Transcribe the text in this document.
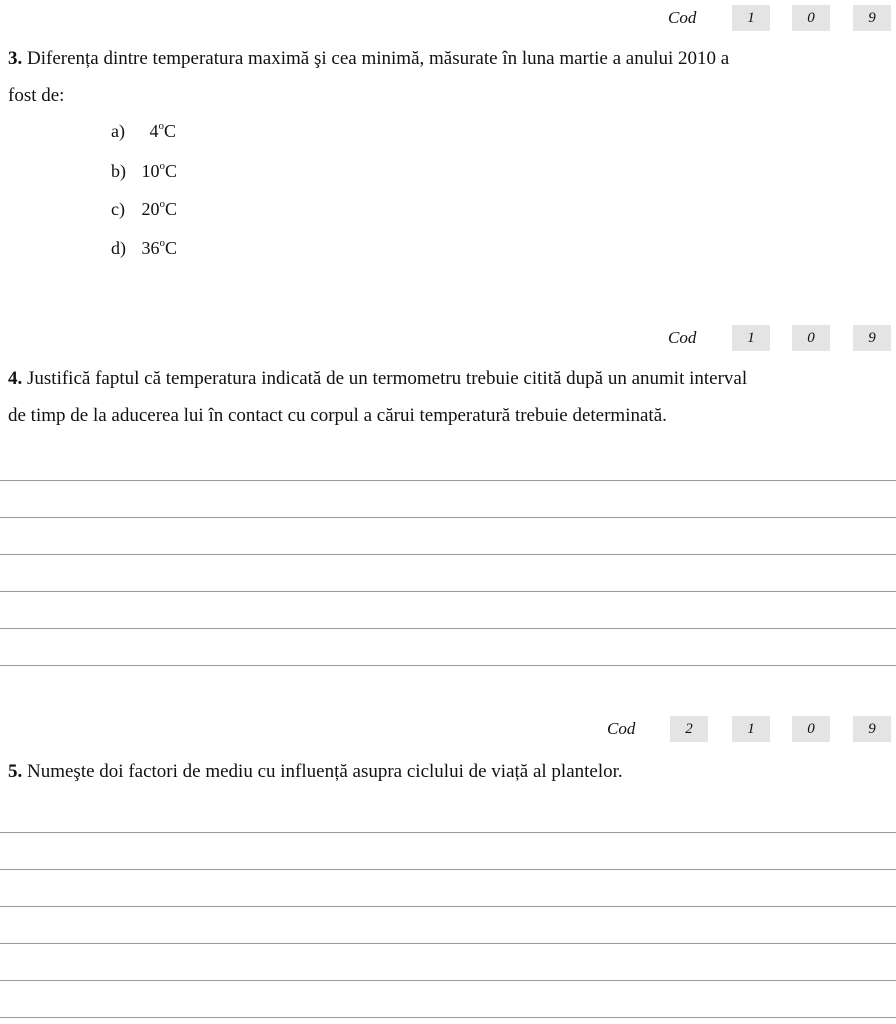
Cod	1	0	9
3. Diferența dintre temperatura maximă şi cea minimă, măsurate în luna martie a anului 2010 a
fost de:
a) 4$^o$C
b) 10$^o$C
c) 20$^o$C
d) 36$^o$C
Cod	1	0	9
4. Justifică faptul că temperatura indicată de un termometru trebuie citită după un anumit interval
de timp de la aducerea lui în contact cu corpul a cărui temperatură trebuie determinată.
Cod	2	1	0	9
5. Numeşte doi factori de mediu cu influență asupra ciclului de viață al plantelor.
